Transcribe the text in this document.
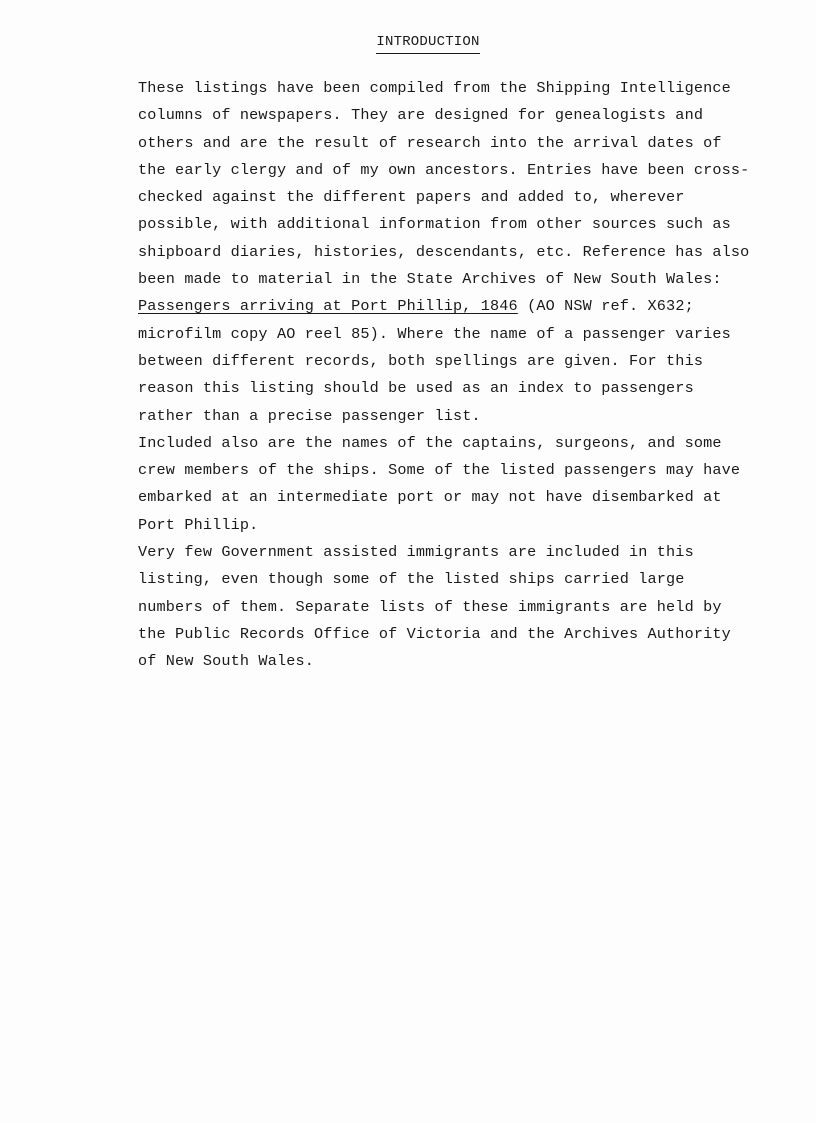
INTRODUCTION
These listings have been compiled from the Shipping Intelligence
columns of newspapers. They are designed for genealogists and
others and are the result of research into the arrival dates of
the early clergy and of my own ancestors. Entries have been cross-
checked against the different papers and added to, wherever
possible, with additional information from other sources such as
shipboard diaries, histories, descendants, etc. Reference has also
been made to material in the State Archives of New South Wales:
Passengers arriving at Port Phillip, 1846 (AO NSW ref. X632;
microfilm copy AO reel 85). Where the name of a passenger varies
between different records, both spellings are given. For this
reason this listing should be used as an index to passengers
rather than a precise passenger list.
Included also are the names of the captains, surgeons, and some
crew members of the ships. Some of the listed passengers may have
embarked at an intermediate port or may not have disembarked at
Port Phillip.
Very few Government assisted immigrants are included in this
listing, even though some of the listed ships carried large
numbers of them. Separate lists of these immigrants are held by
the Public Records Office of Victoria and the Archives Authority
of New South Wales.
